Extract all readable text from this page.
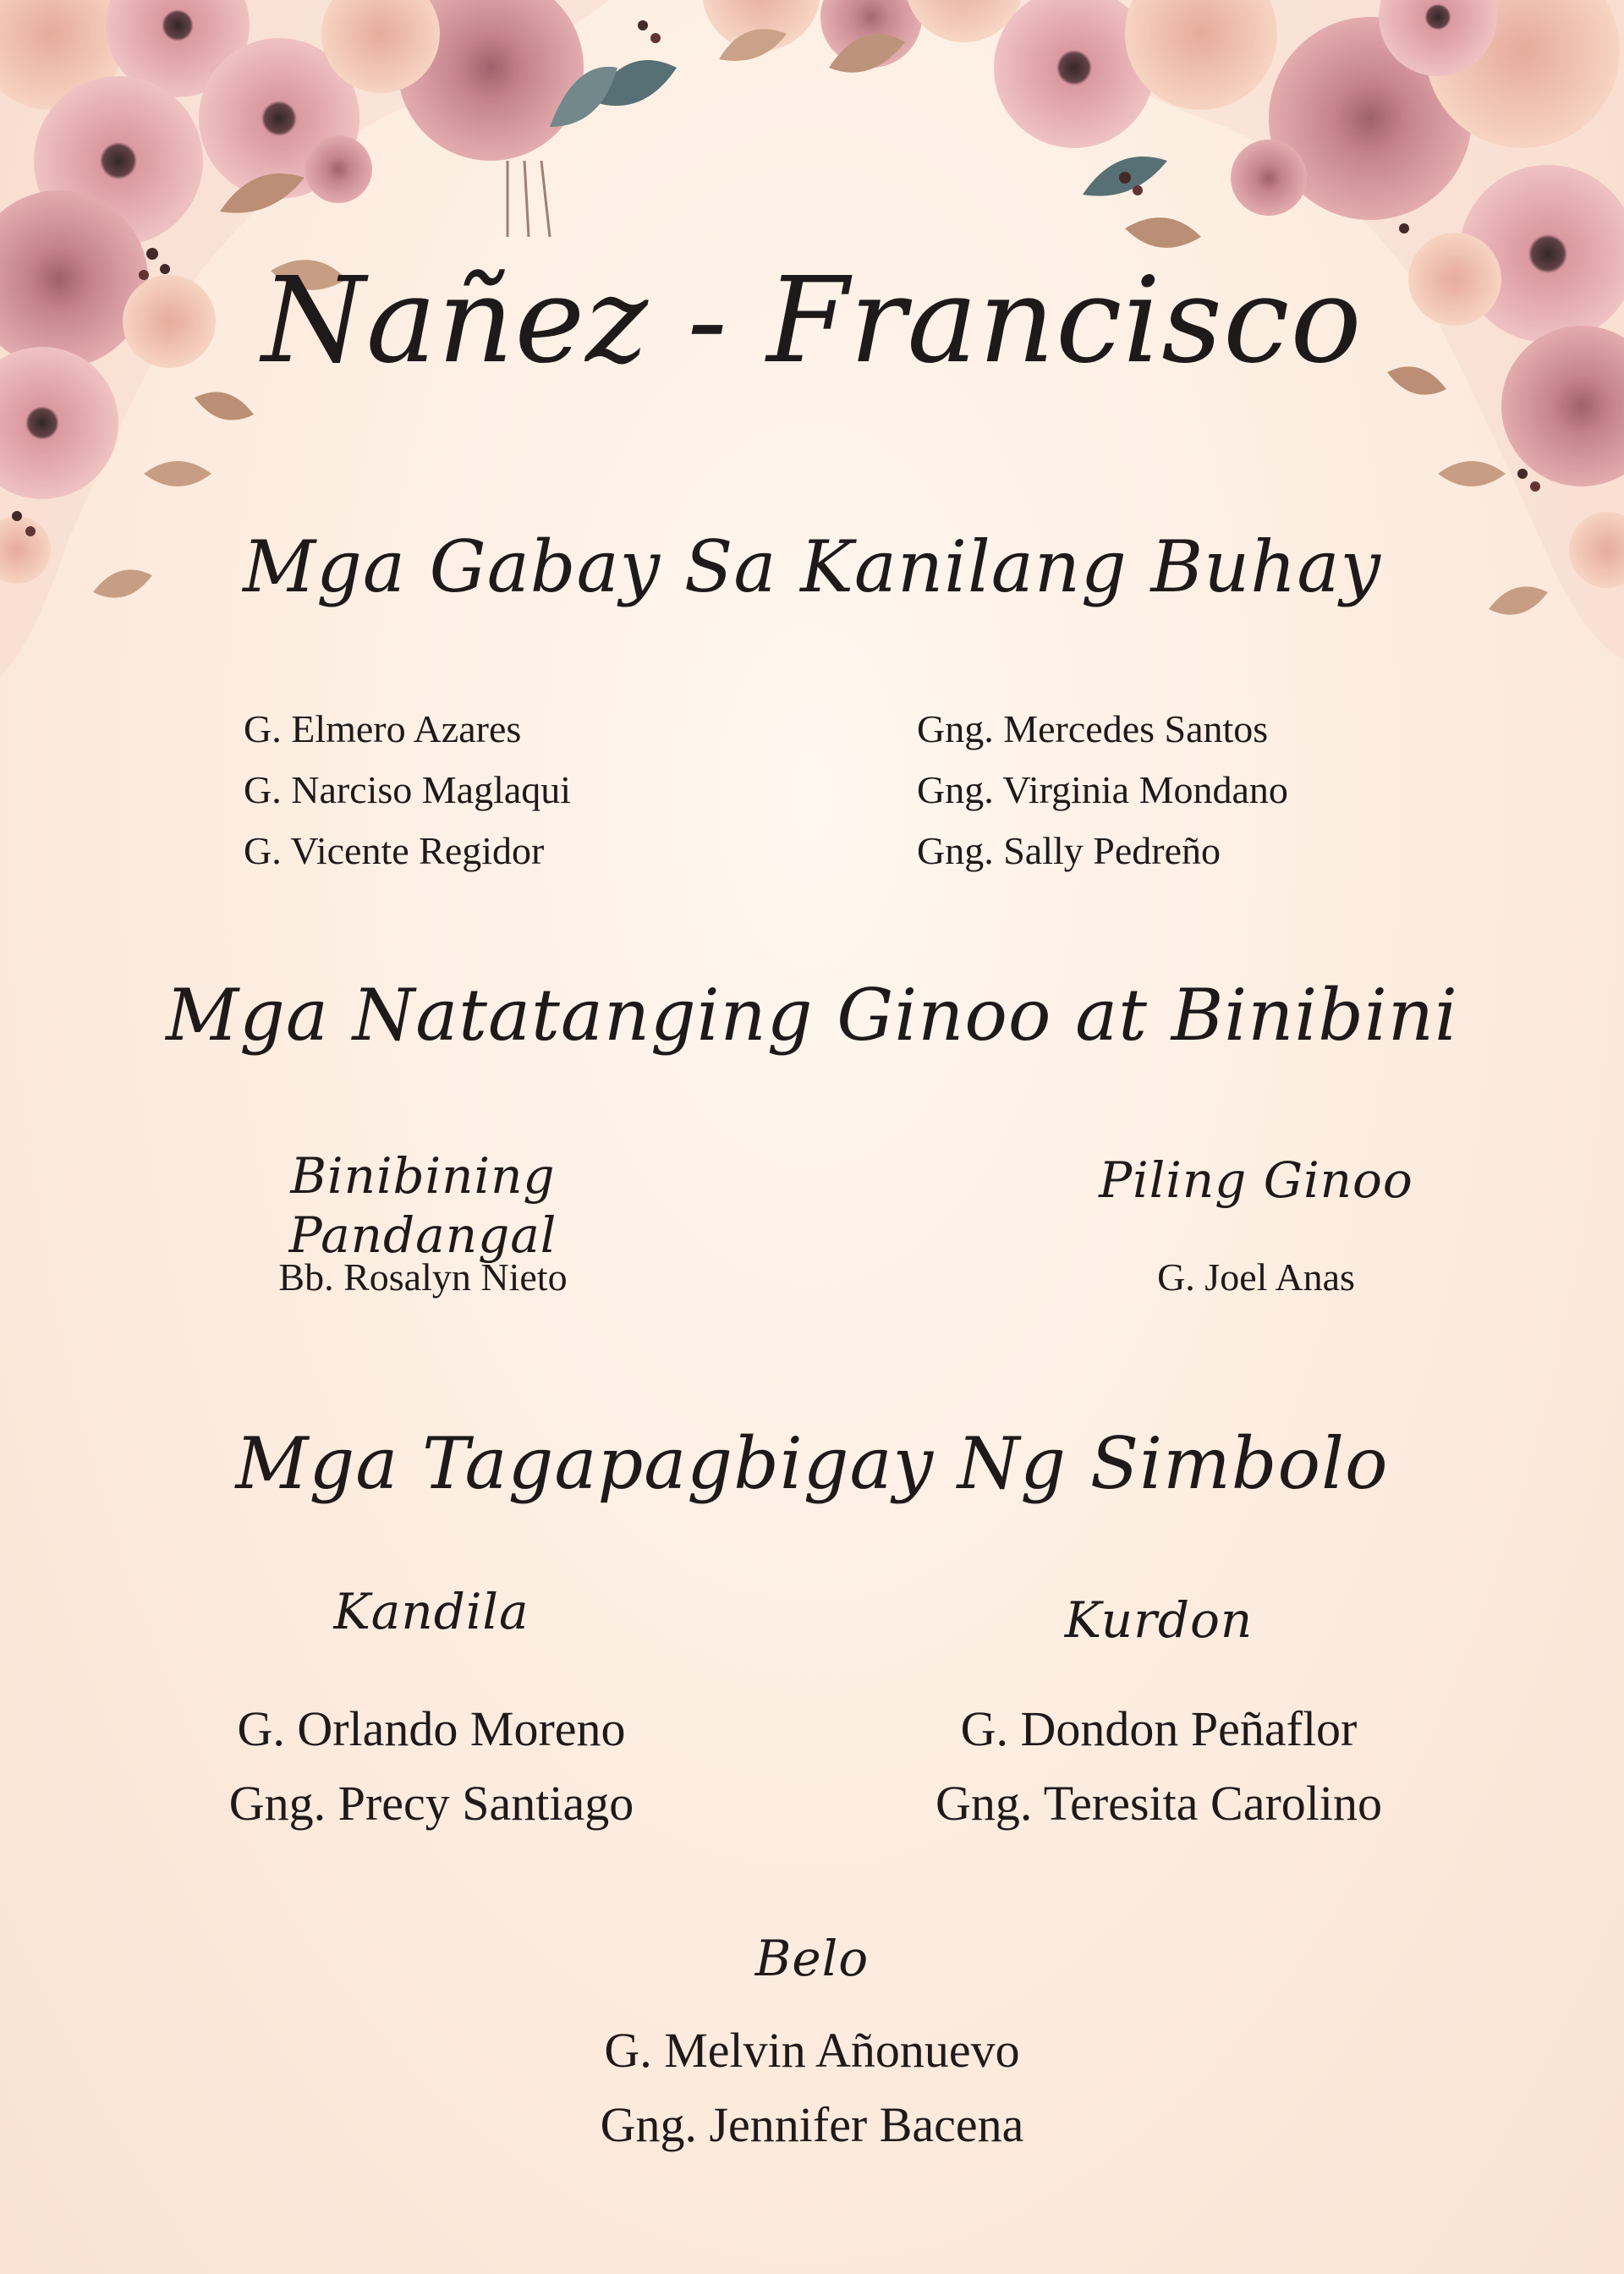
Nañez - Francisco
Mga Gabay Sa Kanilang Buhay
G. Elmero Azares
G. Narciso Maglaqui
G. Vicente Regidor
Gng. Mercedes Santos
Gng. Virginia Mondano
Gng. Sally Pedreño
Mga Natatanging Ginoo at Binibini
Binibining Pandangal
Bb. Rosalyn Nieto
Piling Ginoo
G. Joel Anas
Mga Tagapagbigay Ng Simbolo
Kandila
G. Orlando Moreno
Gng. Precy Santiago
Kurdon
G. Dondon Peñaflor
Gng. Teresita Carolino
Belo
G. Melvin Añonuevo
Gng. Jennifer Bacena
